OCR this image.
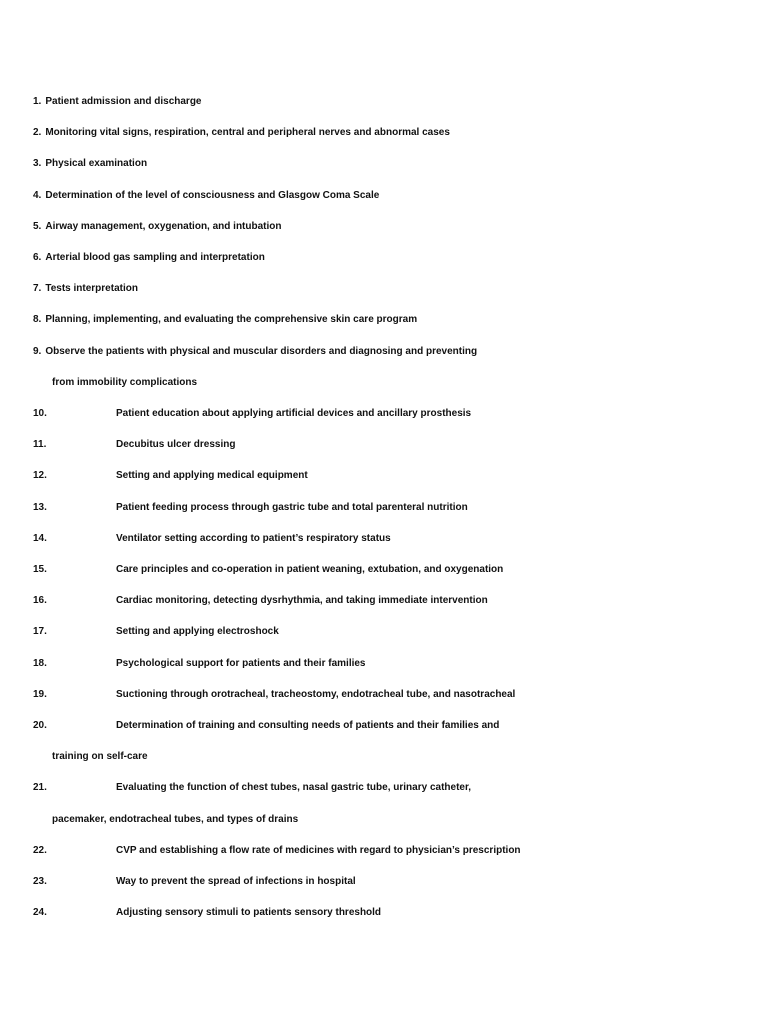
1. Patient admission and discharge
2. Monitoring vital signs, respiration, central and peripheral nerves and abnormal cases
3. Physical examination
4. Determination of the level of consciousness and Glasgow Coma Scale
5. Airway management, oxygenation, and intubation
6. Arterial blood gas sampling and interpretation
7. Tests interpretation
8. Planning, implementing, and evaluating the comprehensive skin care program
9. Observe the patients with physical and muscular disorders and diagnosing and preventing
from immobility complications
10.	Patient education about applying artificial devices and ancillary prosthesis
11.	Decubitus ulcer dressing
12.	Setting and applying medical equipment
13.	Patient feeding process through gastric tube and total parenteral nutrition
14.	Ventilator setting according to patient’s respiratory status
15.	Care principles and co-operation in patient weaning, extubation, and oxygenation
16.	Cardiac monitoring, detecting dysrhythmia, and taking immediate intervention
17.	Setting and applying electroshock
18.	Psychological support for patients and their families
19.	Suctioning through orotracheal, tracheostomy, endotracheal tube, and nasotracheal
20.	Determination of training and consulting needs of patients and their families and
training on self-care
21.	Evaluating the function of chest tubes, nasal gastric tube, urinary catheter,
pacemaker, endotracheal tubes, and types of drains
22.	CVP and establishing a flow rate of medicines with regard to physician’s prescription
23.	Way to prevent the spread of infections in hospital
24.	Adjusting sensory stimuli to patients sensory threshold
